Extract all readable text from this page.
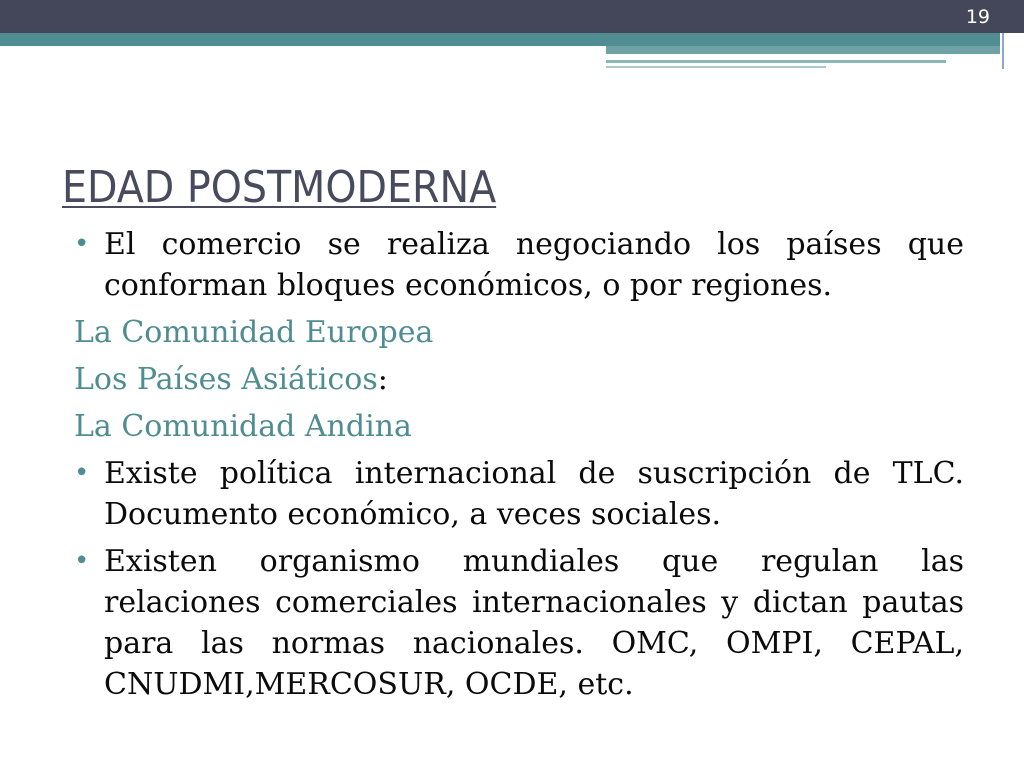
19
EDAD POSTMODERNA

• El comercio se realiza negociando los países que conforman bloques económicos, o por regiones.

La Comunidad Europea

Los Países Asiáticos:

La Comunidad Andina

• Existe política internacional de suscripción de TLC. Documento económico, a veces sociales.

• Existen organismo mundiales que regulan las relaciones comerciales internacionales y dictan pautas para las normas nacionales. OMC, OMPI, CEPAL, CNUDMI,MERCOSUR, OCDE, etc.
